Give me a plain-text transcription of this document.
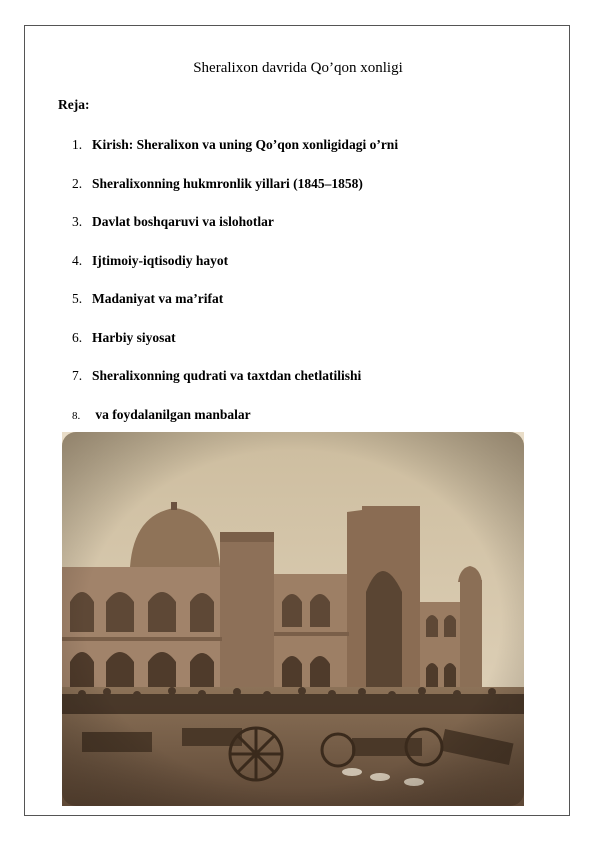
Sheralixon davrida Qo’qon xonligi
Reja:
1. Kirish: Sheralixon va uning Qo’qon xonligidagi o’rni
2. Sheralixonning hukmronlik yillari (1845–1858)
3. Davlat boshqaruvi va islohotlar
4. Ijtimoiy-iqtisodiy hayot
5. Madaniyat va ma’rifat
6. Harbiy siyosat
7. Sheralixonning qudrati va taxtdan chetlatilishi
8. va foydalanilgan manbalar
